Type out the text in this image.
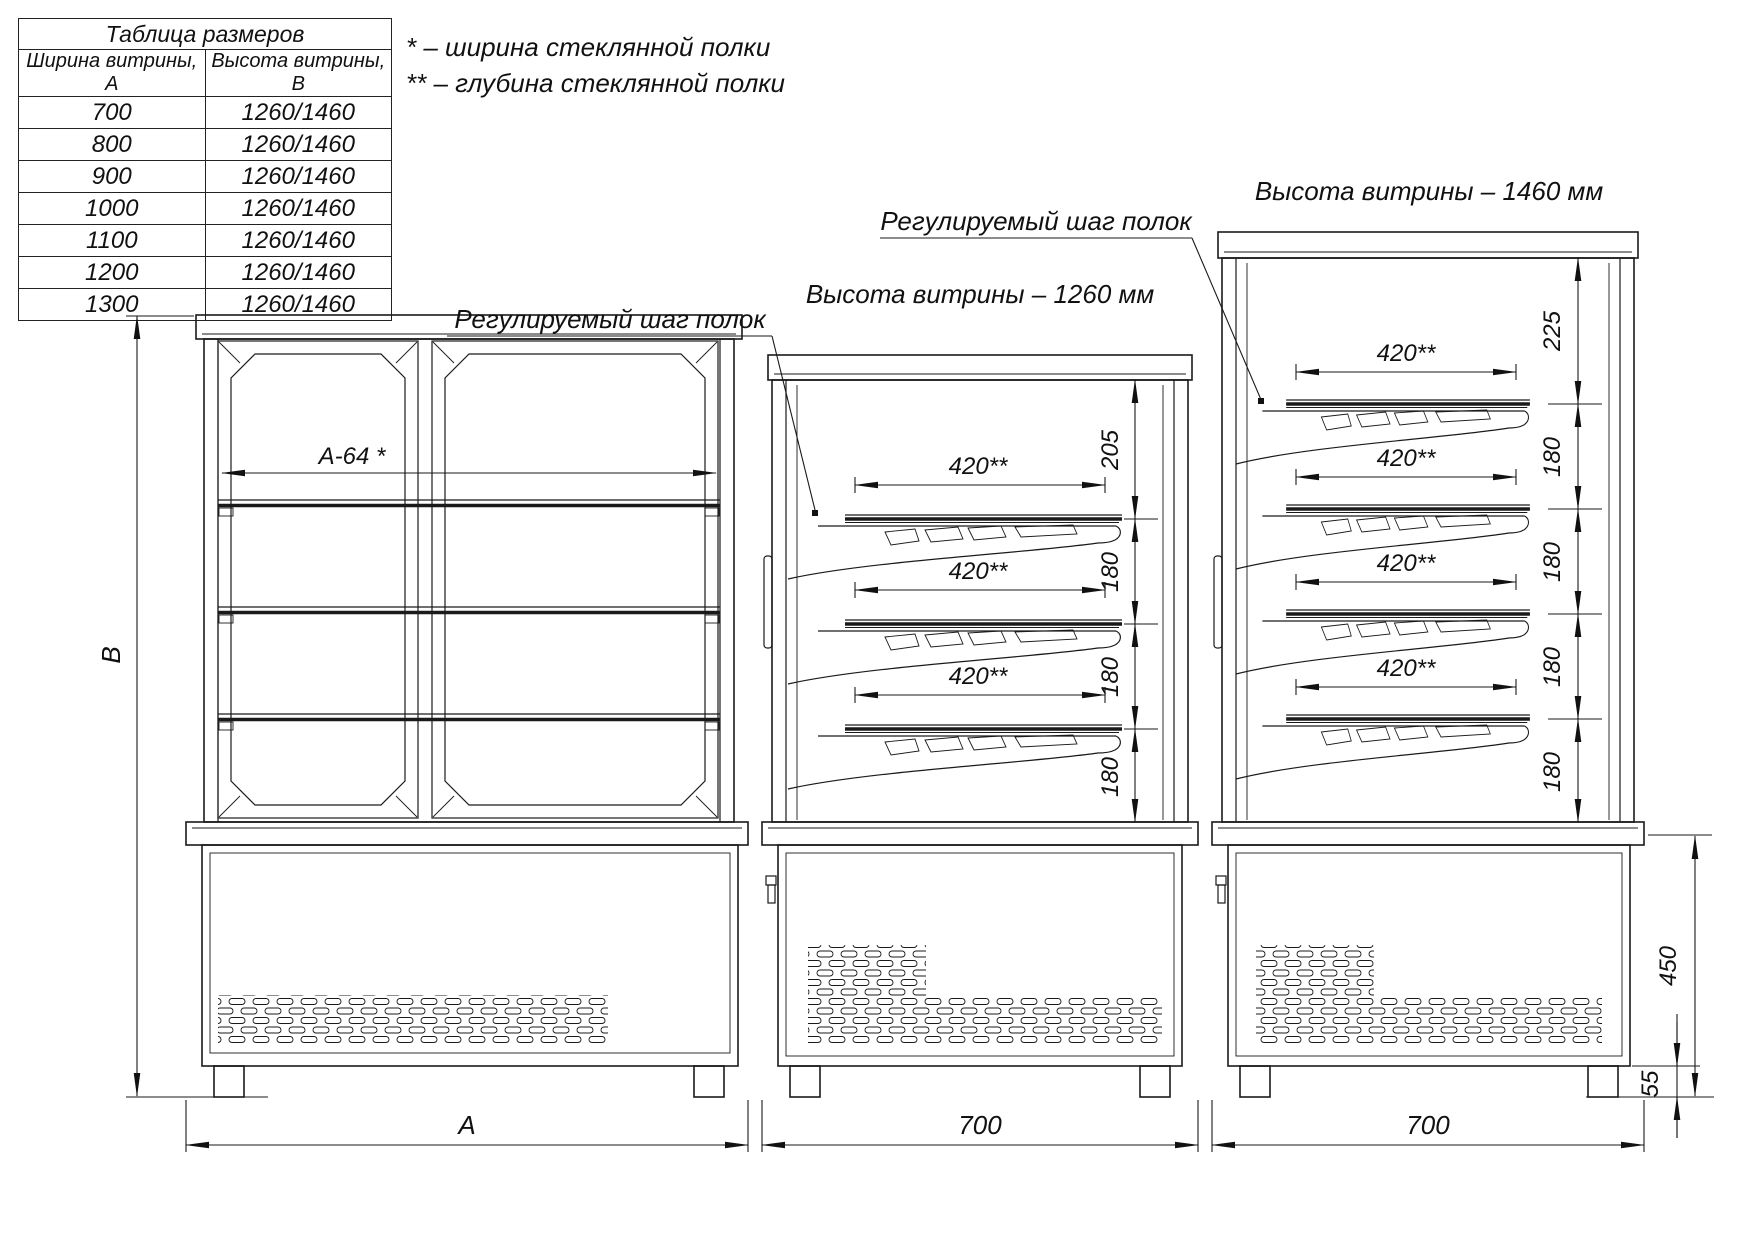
Таблица размеров	
Ширина витрины, А	Высота витрины, В
700	1260/1460
800	1260/1460
900	1260/1460
1000	1260/1460
1100	1260/1460
1200	1260/1460
1300	1260/1460
* – ширина стеклянной полки
** – глубина стеклянной полки
В
А-64 *
А
Высота витрины – 1260 мм
420**
420**
420**
205
180
180
180
700
Регулируемый шаг полок
Высота витрины – 1460 мм
420**
420**
420**
420**
225
180
180
180
180
450
55
700
Регулируемый шаг полок
